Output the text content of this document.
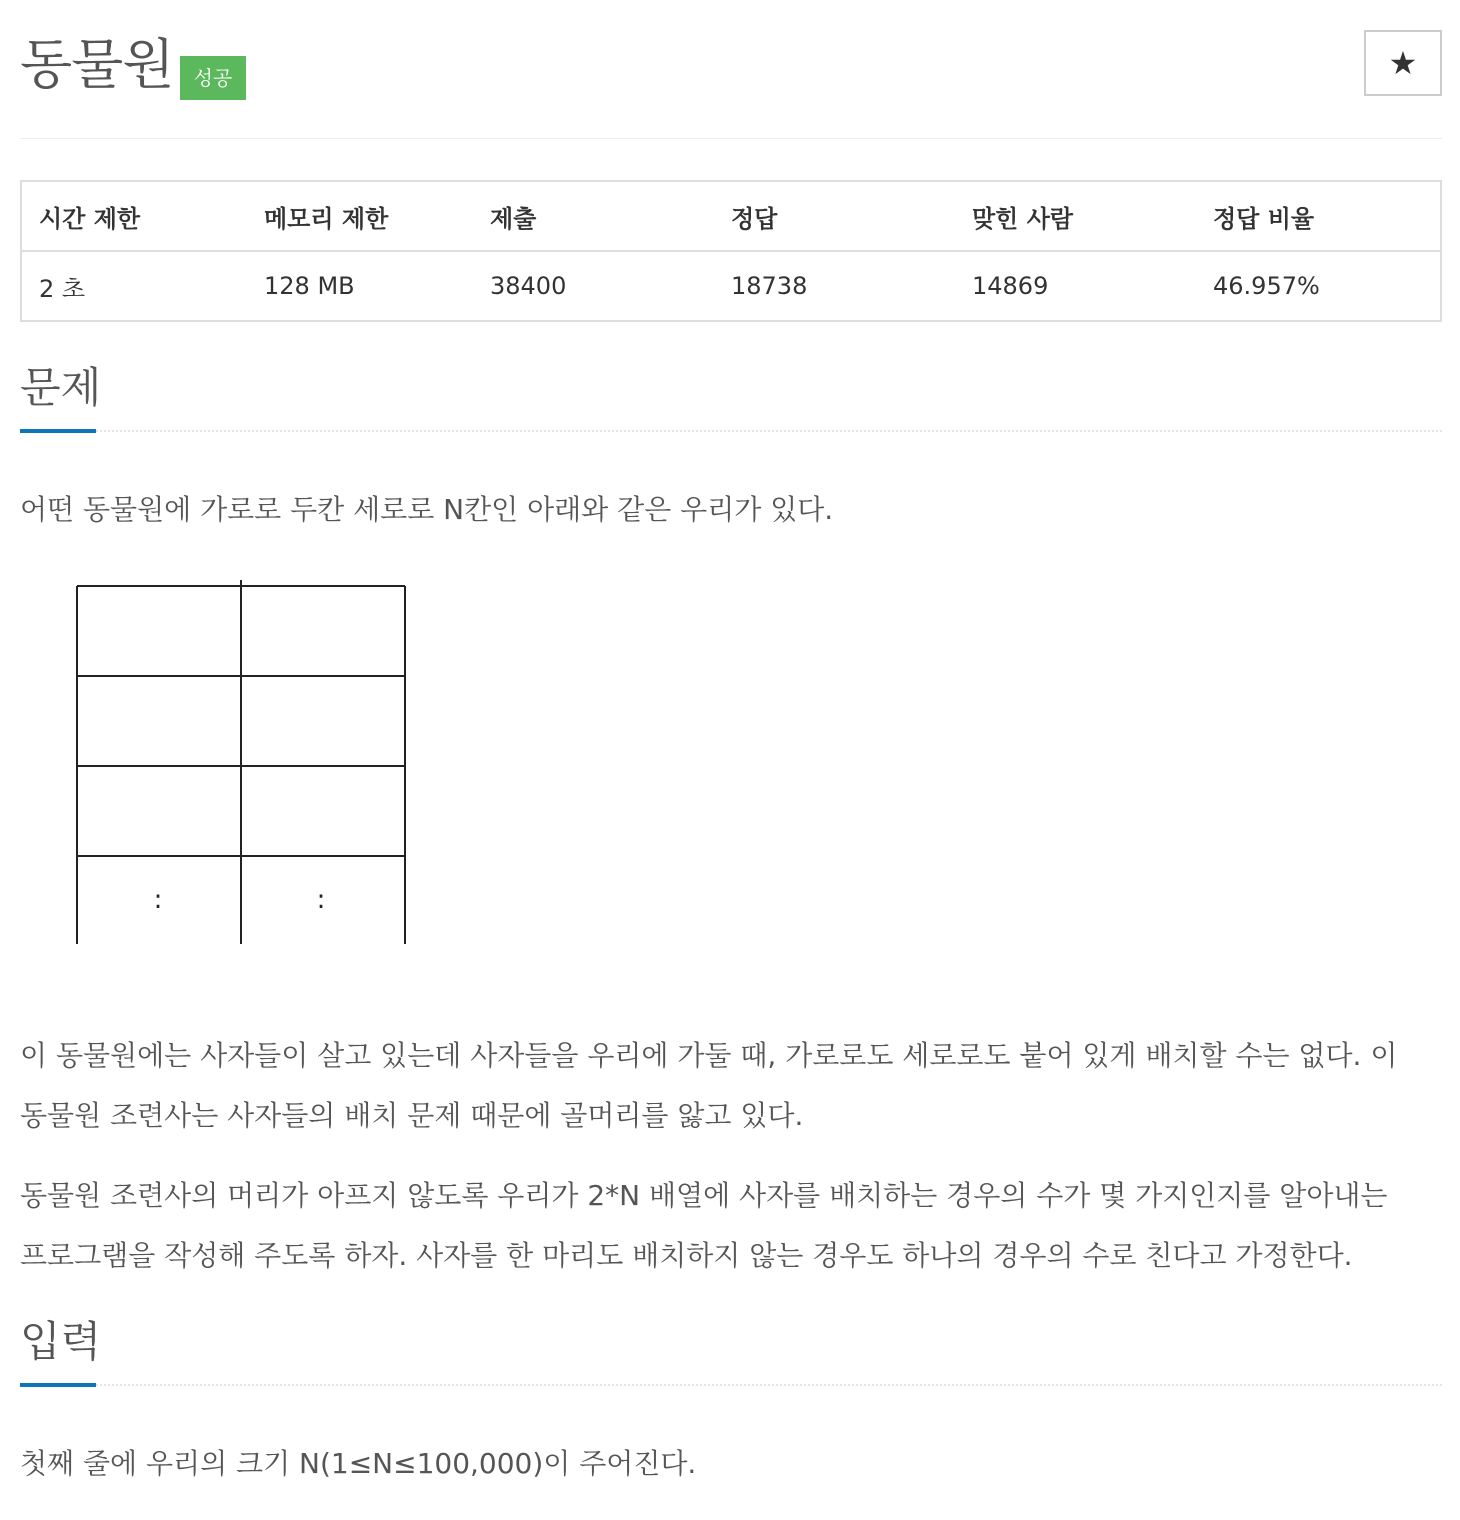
동물원	성공	★
시간 제한	메모리 제한	제출	정답	맞힌 사람	정답 비율
2 초	128 MB	38400	18738	14869	46.957%
문제

어떤 동물원에 가로로 두칸 세로로 N칸인 아래와 같은 우리가 있다.

:	:

이 동물원에는 사자들이 살고 있는데 사자들을 우리에 가둘 때, 가로로도 세로로도 붙어 있게 배치할 수는 없다. 이

동물원 조련사는 사자들의 배치 문제 때문에 골머리를 앓고 있다.

동물원 조련사의 머리가 아프지 않도록 우리가 2*N 배열에 사자를 배치하는 경우의 수가 몇 가지인지를 알아내는

프로그램을 작성해 주도록 하자. 사자를 한 마리도 배치하지 않는 경우도 하나의 경우의 수로 친다고 가정한다.

입력

첫째 줄에 우리의 크기 N(1≤N≤100,000)이 주어진다.
